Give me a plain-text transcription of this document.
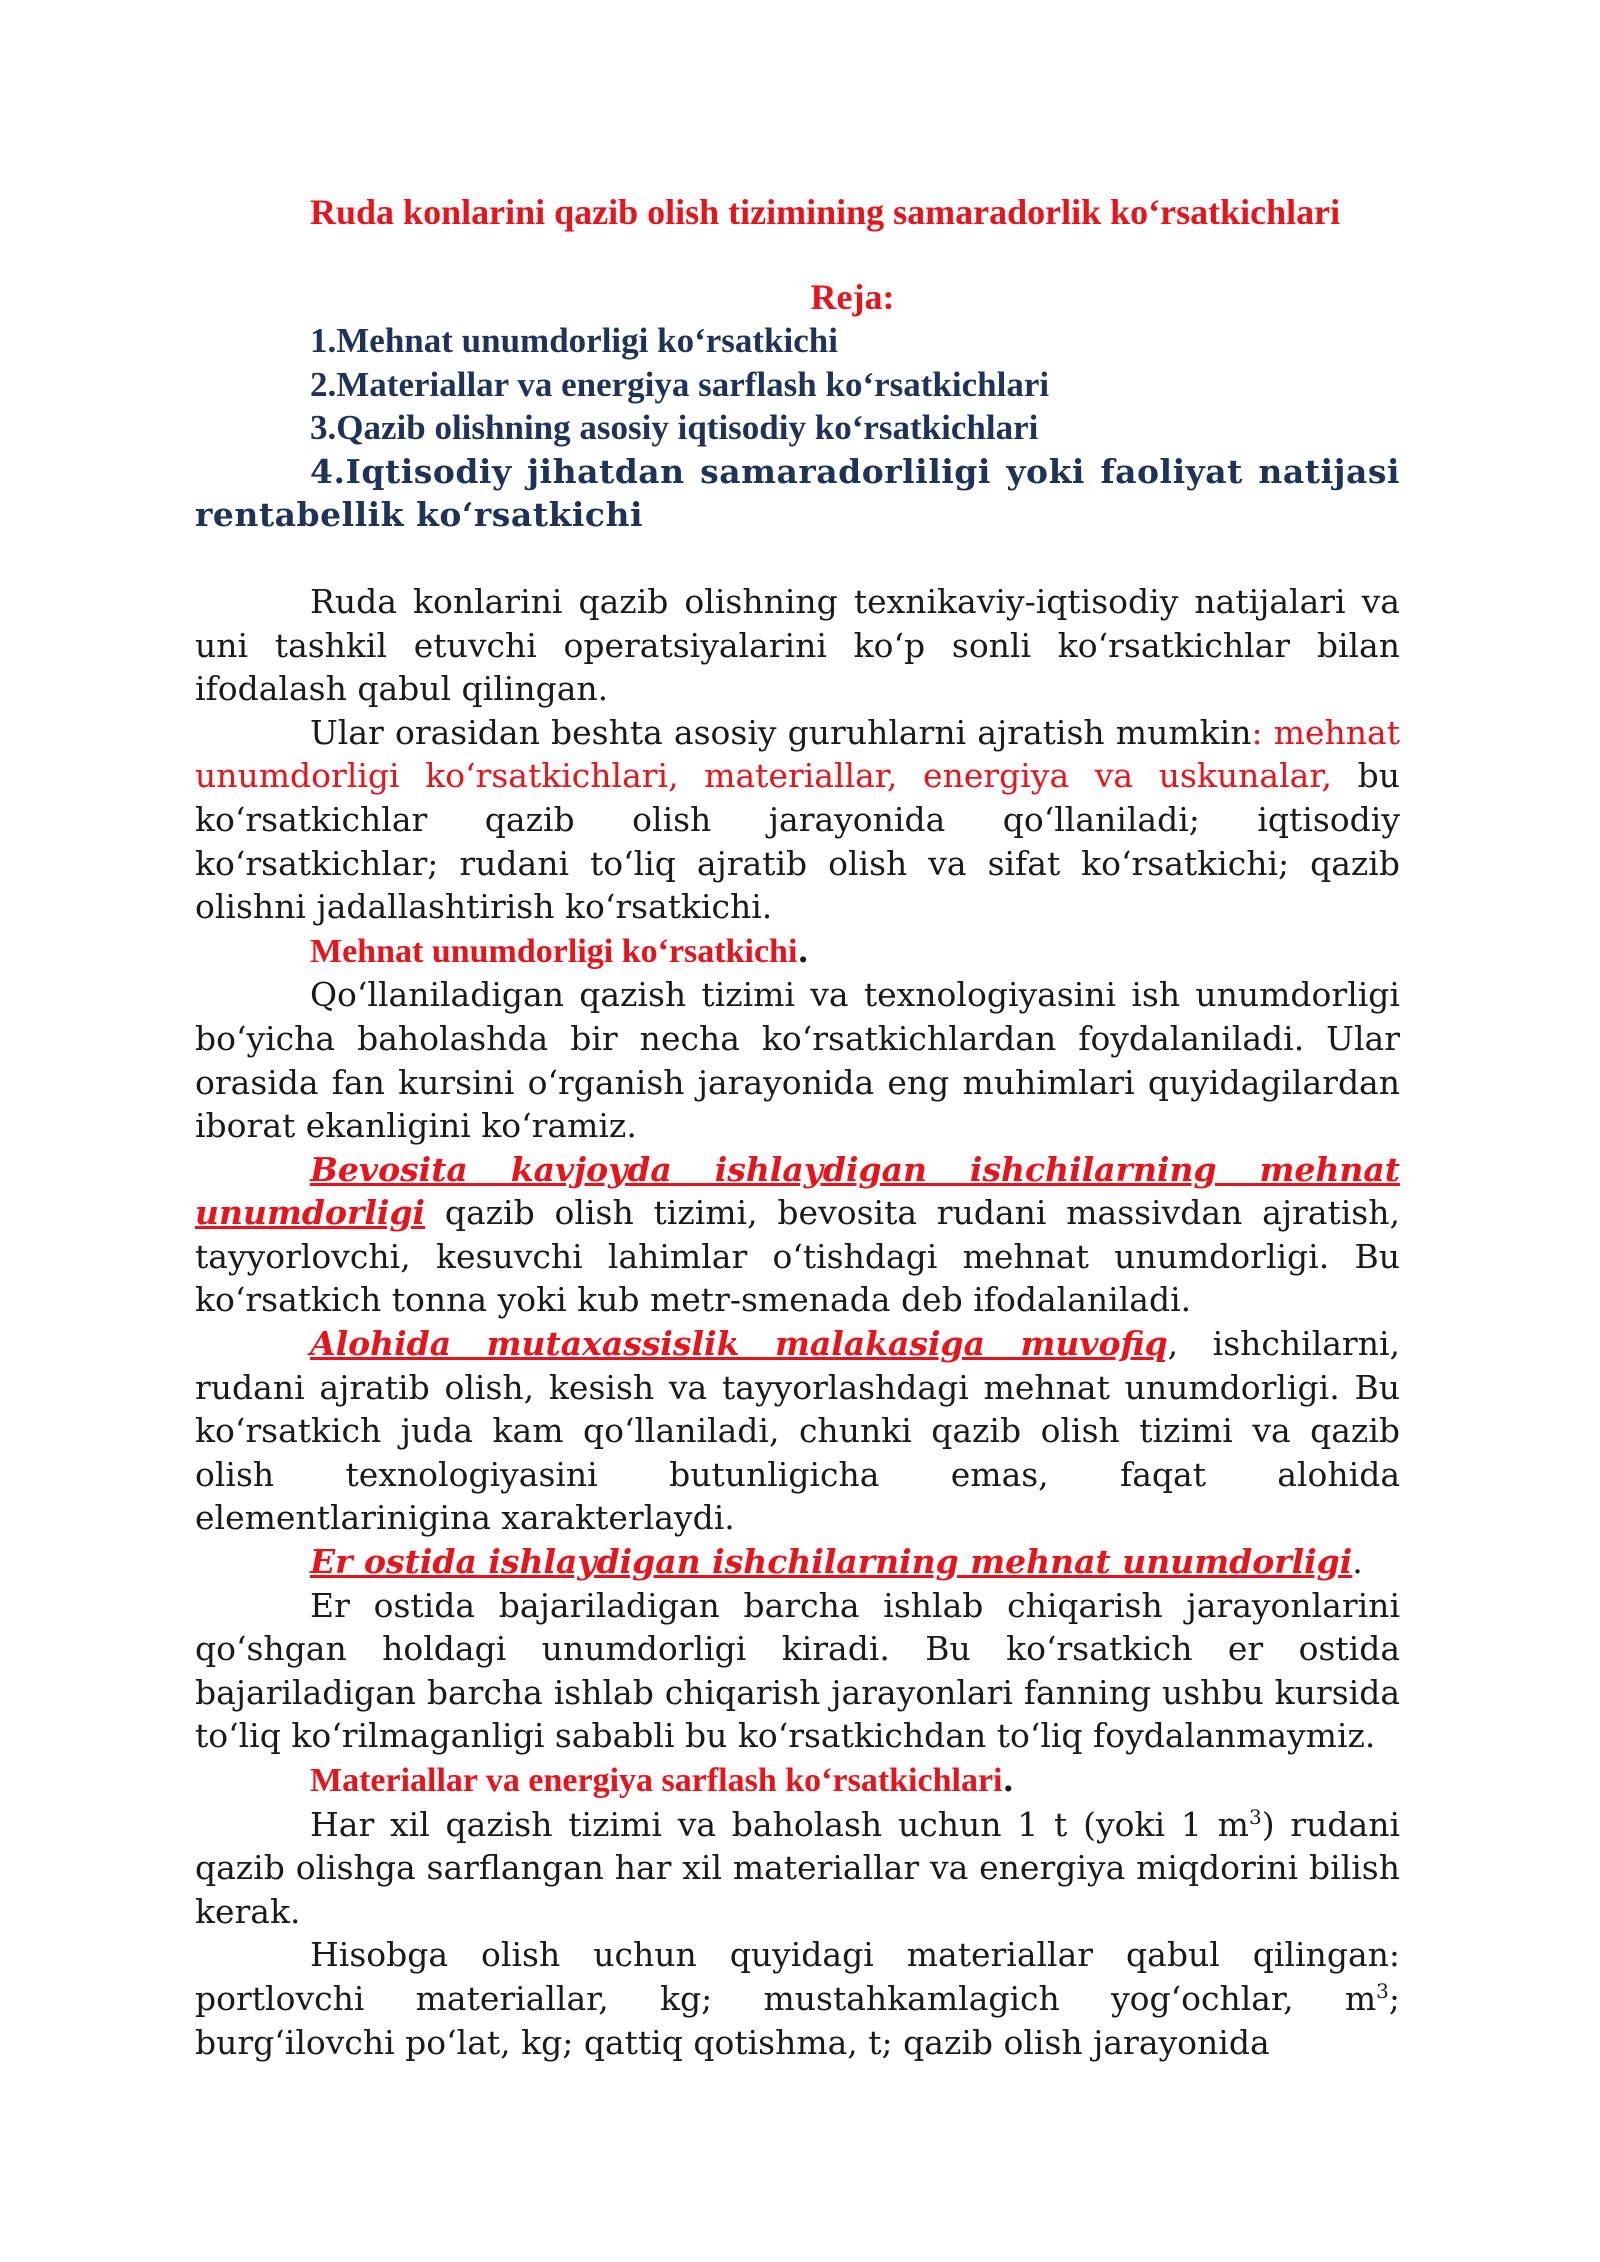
Ruda konlarini qazib olish tizimining samaradorlik ko‘rsatkichlari
Reja:
1.Mehnat unumdorligi ko‘rsatkichi
2.Materiallar va energiya sarflash ko‘rsatkichlari
3.Qazib olishning asosiy iqtisodiy ko‘rsatkichlari
4.Iqtisodiy jihatdan samaradorliligi yoki faoliyat natijasi rentabellik ko‘rsatkichi

Ruda konlarini qazib olishning texnikaviy-iqtisodiy natijalari va uni tashkil etuvchi operatsiyalarini ko‘p sonli ko‘rsatkichlar bilan ifodalash qabul qilingan.

Ular orasidan beshta asosiy guruhlarni ajratish mumkin: mehnat unumdorligi ko‘rsatkichlari, materiallar, energiya va uskunalar, bu ko‘rsatkichlar qazib olish jarayonida qo‘llaniladi; iqtisodiy ko‘rsatkichlar; rudani to‘liq ajratib olish va sifat ko‘rsatkichi; qazib olishni jadallashtirish ko‘rsatkichi.

Mehnat unumdorligi ko‘rsatkichi.

Qo‘llaniladigan qazish tizimi va texnologiyasini ish unumdorligi bo‘yicha baholashda bir necha ko‘rsatkichlardan foydalaniladi. Ular orasida fan kursini o‘rganish jarayonida eng muhimlari quyidagilardan iborat ekanligini ko‘ramiz.

Bevosita kavjoyda ishlaydigan ishchilarning mehnat unumdorligi qazib olish tizimi, bevosita rudani massivdan ajratish, tayyorlovchi, kesuvchi lahimlar o‘tishdagi mehnat unumdorligi. Bu ko‘rsatkich tonna yoki kub metr-smenada deb ifodalaniladi.

Alohida mutaxassislik malakasiga muvofiq, ishchilarni, rudani ajratib olish, kesish va tayyorlashdagi mehnat unumdorligi. Bu ko‘rsatkich juda kam qo‘llaniladi, chunki qazib olish tizimi va qazib olish texnologiyasini butunligicha emas, faqat alohida elementlarinigina xarakterlaydi.

Er ostida ishlaydigan ishchilarning mehnat unumdorligi.

Er ostida bajariladigan barcha ishlab chiqarish jarayonlarini qo‘shgan holdagi unumdorligi kiradi. Bu ko‘rsatkich er ostida bajariladigan barcha ishlab chiqarish jarayonlari fanning ushbu kursida to‘liq ko‘rilmaganligi sababli bu ko‘rsatkichdan to‘liq foydalanmaymiz.

Materiallar va energiya sarflash ko‘rsatkichlari.

Har xil qazish tizimi va baholash uchun 1 t (yoki 1 $m^3$) rudani qazib olishga sarflangan har xil materiallar va energiya miqdorini bilish kerak.

Hisobga olish uchun quyidagi materiallar qabul qilingan: portlovchi materiallar, kg; mustahkamlagich yog‘ochlar, $m^3$; burg‘ilovchi po‘lat, kg; qattiq qotishma, t; qazib olish jarayonida
